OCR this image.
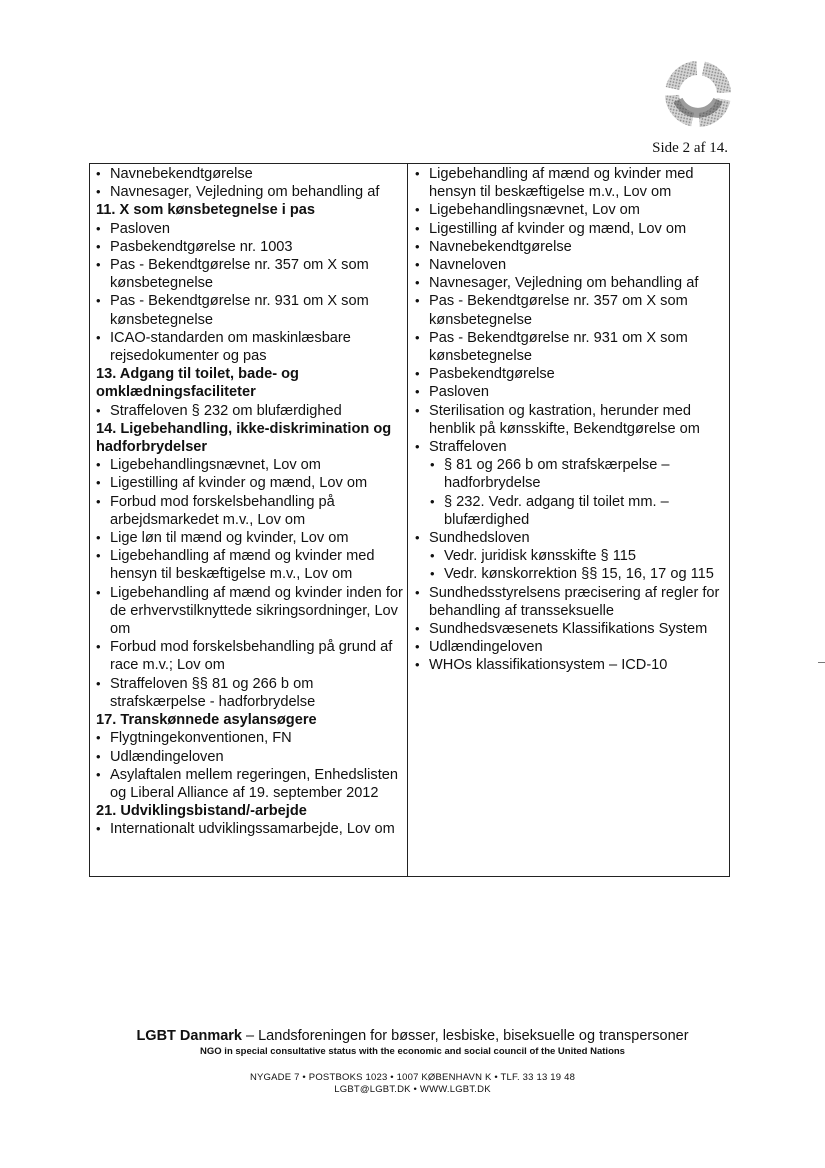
Side 2 af 14.
• Navnebekendtgørelse
• Navnesager, Vejledning om behandling af
11. X som kønsbetegnelse i pas
• Pasloven
• Pasbekendtgørelse nr. 1003
• Pas - Bekendtgørelse nr. 357 om X som kønsbetegnelse
• Pas - Bekendtgørelse nr. 931 om X som kønsbetegnelse
• ICAO-standarden om maskinlæsbare rejsedokumenter og pas
13. Adgang til toilet, bade- og omklædningsfaciliteter
• Straffeloven § 232 om blufærdighed
14. Ligebehandling, ikke-diskrimination og hadforbrydelser
• Ligebehandlingsnævnet, Lov om
• Ligestilling af kvinder og mænd, Lov om
• Forbud mod forskelsbehandling på arbejdsmarkedet m.v., Lov om
• Lige løn til mænd og kvinder, Lov om
• Ligebehandling af mænd og kvinder med hensyn til beskæftigelse m.v., Lov om
• Ligebehandling af mænd og kvinder inden for de erhvervstilknyttede sikringsordninger, Lov om
• Forbud mod forskelsbehandling på grund af race m.v.; Lov om
• Straffeloven §§ 81 og 266 b om strafskærpelse - hadforbrydelse
17. Transkønnede asylansøgere
• Flygtningekonventionen, FN
• Udlændingeloven
• Asylaftalen mellem regeringen, Enhedslisten og Liberal Alliance af 19. september 2012
21. Udviklingsbistand/-arbejde
• Internationalt udviklingssamarbejde, Lov om
• Ligebehandling af mænd og kvinder med hensyn til beskæftigelse m.v., Lov om
• Ligebehandlingsnævnet, Lov om
• Ligestilling af kvinder og mænd, Lov om
• Navnebekendtgørelse
• Navneloven
• Navnesager, Vejledning om behandling af
• Pas - Bekendtgørelse nr. 357 om X som kønsbetegnelse
• Pas - Bekendtgørelse nr. 931 om X som kønsbetegnelse
• Pasbekendtgørelse
• Pasloven
• Sterilisation og kastration, herunder med henblik på kønsskifte, Bekendtgørelse om
• Straffeloven
• § 81 og 266 b om strafskærpelse – hadforbrydelse
• § 232. Vedr. adgang til toilet mm. – blufærdighed
• Sundhedsloven
• Vedr. juridisk kønsskifte § 115
• Vedr. kønskorrektion §§ 15, 16, 17 og 115
• Sundhedsstyrelsens præcisering af regler for behandling af transseksuelle
• Sundhedsvæsenets Klassifikations System
• Udlændingeloven
• WHOs klassifikationsystem – ICD-10
LGBT Danmark – Landsforeningen for bøsser, lesbiske, biseksuelle og transpersoner
NGO in special consultative status with the economic and social council of the United Nations
NYGADE 7 • POSTBOKS 1023 • 1007 KØBENHAVN K • TLF. 33 13 19 48
LGBT@LGBT.DK • WWW.LGBT.DK
